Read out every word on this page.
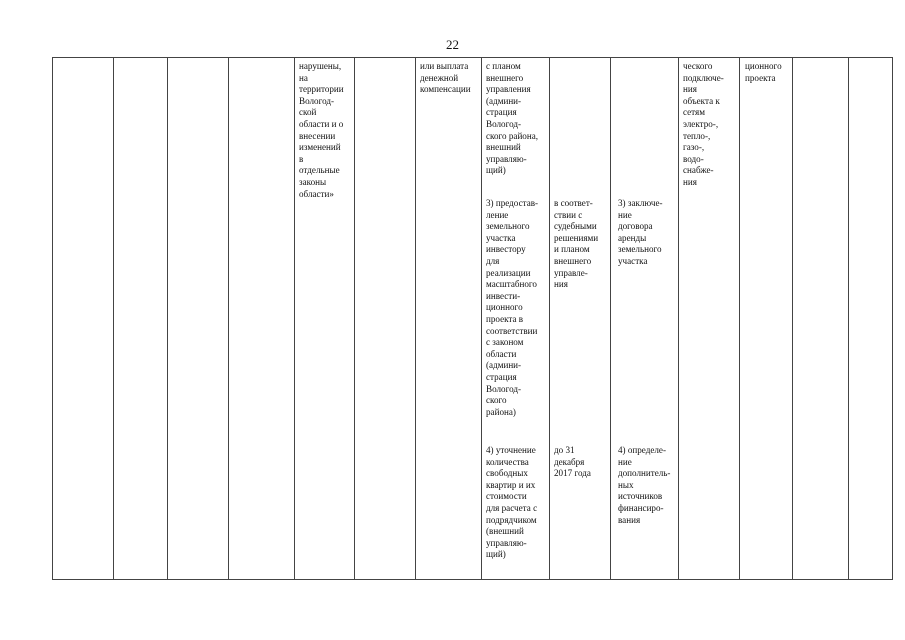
22
нарушены,
на
территории
Вологод-
ской
области и о
внесении
изменений
в
отдельные
законы
области»
или выплата
денежной
компенсации
с планом
внешнего
управления
(админи-
страция
Вологод-
ского района,
внешний
управляю-
щий)
3) предостав-
ление
земельного
участка
инвестору
для
реализации
масштабного
инвести-
ционного
проекта в
соответствии
с законом
области
(админи-
страция
Вологод-
ского
района)
4) уточнение
количества
свободных
квартир и их
стоимости
для расчета с
подрядчиком
(внешний
управляю-
щий)
в соответ-
ствии с
судебными
решениями
и планом
внешнего
управле-
ния
до 31
декабря
2017 года
3) заключе-
ние
договора
аренды
земельного
участка
4) определе-
ние
дополнитель-
ных
источников
финансиро-
вания
ческого
подключе-
ния
объекта к
сетям
электро-,
тепло-,
газо-,
водо-
снабже-
ния
ционного
проекта
